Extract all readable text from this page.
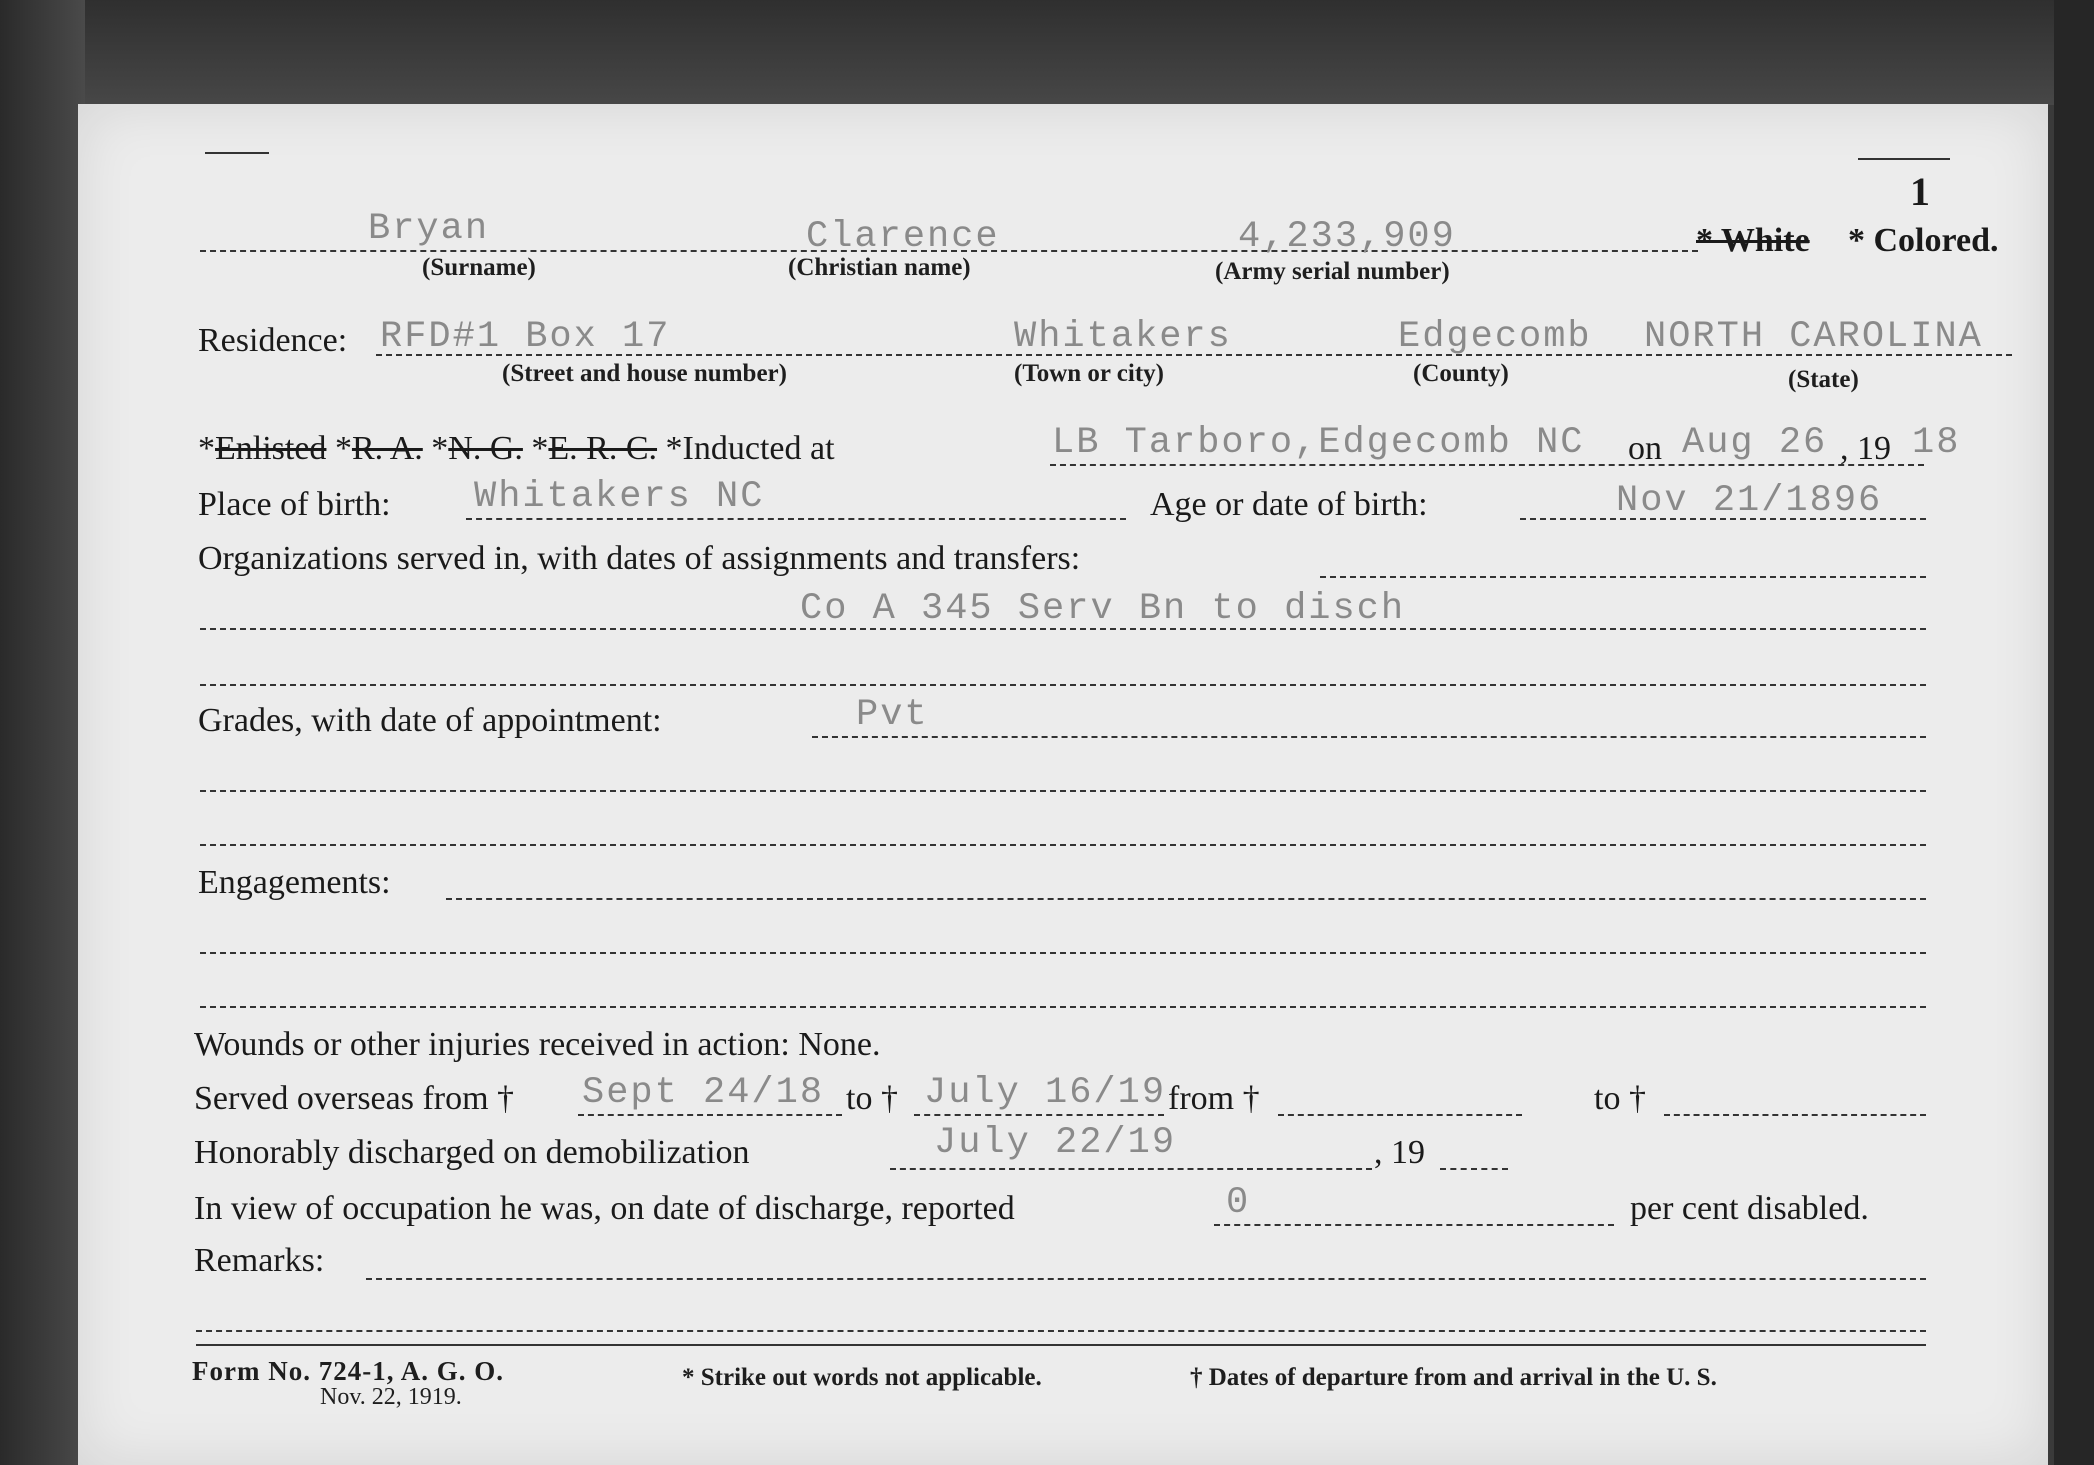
1
Bryan	Clarence	4,233,909	* White * Colored.
(Surname)	(Christian name)	(Army serial number)
Residence: RFD#1 Box 17	Whitakers	Edgecomb NORTH CAROLINA
(Street and house number)	(Town or city)	(County)	(State)
*Enlisted *R. A. *N. G. *E. R. C. *Inducted at	LB Tarboro,Edgecomb NC on Aug 26 , 19 18
Place of birth: Whitakers NC	Age or date of birth:	Nov 21/1896
Organizations served in, with dates of assignments and transfers:
Co A 345 Serv Bn to disch
Grades, with date of appointment:	Pvt
Engagements:
Wounds or other injuries received in action: None.
Served overseas from † Sept 24/18 to † July 16/19 from †	to †
Honorably discharged on demobilization	July 22/19	, 19
In view of occupation he was, on date of discharge, reported	0	per cent disabled.
Remarks:
Form No. 724-1, A. G. O.
Nov. 22, 1919.
* Strike out words not applicable.	† Dates of departure from and arrival in the U. S.
